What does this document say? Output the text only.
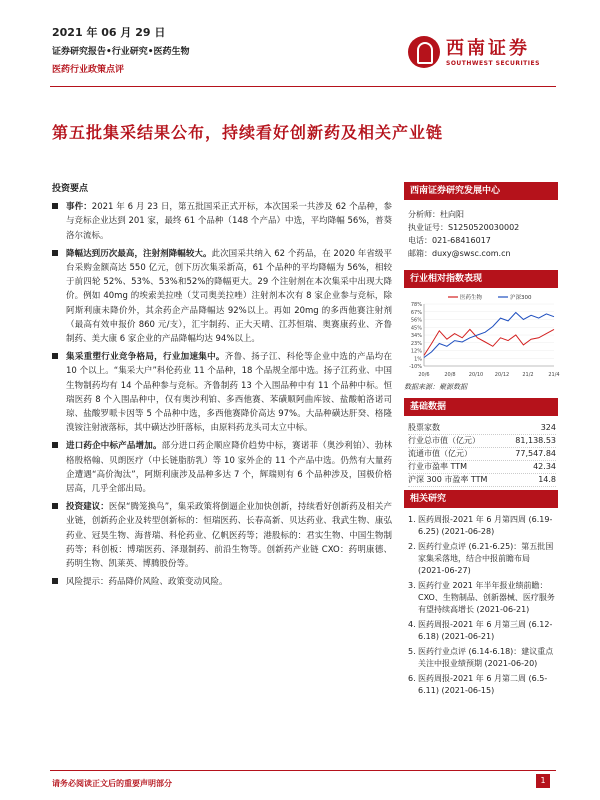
2021 年 06 月 29 日
证券研究报告•行业研究•医药生物
医药行业政策点评
西南证券
SOUTHWEST SECURITIES
第五批集采结果公布，持续看好创新药及相关产业链
投资要点
事件：2021 年 6 月 23 日，第五批国采正式开标，本次国采一共涉及 62 个品种，参与竞标企业达到 201 家，最终 61 个品种（148 个产品）中选，平均降幅 56%，普葵洛尔流标。
降幅达到历次最高，注射剂降幅较大。此次国采共纳入 62 个药品，在 2020 年省级平台采购金额高达 550 亿元，创下历次集采新高，61 个品种的平均降幅为 56%，相较于前四轮 52%、53%、53%和52%的降幅更大。29 个注射剂在本次集采中出现大降价。例如 40mg 的埃索美拉唑（艾司奥美拉唑）注射剂本次有 8 家企业参与竞标，除阿斯利康未降价外，其余药企产品降幅达 92%以上。再如 20mg 的多西他赛注射剂（最高有效申报价 860 元/支），汇宇制药、正大天晴、江苏恒瑞、奥赛康药业、齐鲁制药、美大康 6 家企业的产品降幅均达 94%以上。
集采重塑行业竞争格局，行业加速集中。齐鲁、扬子江、科伦等企业中选的产品均在 10 个以上。“集采大户”科伦药业 11 个品种，18 个品规全部中选。扬子江药业、中国生物制药均有 14 个品种参与竞标。齐鲁制药 13 个入围品种中有 11 个品种中标。恒瑞医药 8 个入围品种中，仅有奥沙利铂、多西他赛、苯磺顺阿曲库铵、盐酸帕洛诺司琼、盐酸罗哌卡因等 5 个品种中选，多西他赛降价高达 97%。大品种磺达肝癸、格隆溴铵注射液落标，其中磺达沙肝落标，由原料药龙头司太立中标。
进口药企中标产品增加。部分进口药企顺应降价趋势中标，赛诺菲（奥沙利铂）、勃林格殷格翰、贝朗医疗（中长链脂肪乳）等 10 家外企的 11 个产品中选。仍然有大量药企遭遇“高价淘汰”，阿斯利康涉及品种多达 7 个，辉瑞则有 6 个品种涉及，国极价格居高，几乎全部出局。
投资建议：医保“腾笼换鸟”，集采政策将倒逼企业加快创新，持续看好创新药及相关产业链，创新药企业及转型创新标的：恒瑞医药、长春高新、贝达药业、我武生物、康弘药业、冠昊生物、海普瑞、科伦药业、亿帆医药等；港股标的：君实生物、中国生物制药等；科创板：博瑞医药、泽璟制药、前沿生物等。创新药产业链 CXO：药明康德、药明生物、凯莱英、博腾股份等。
风险提示：药品降价风险、政策变动风险。
西南证券研究发展中心
分析师：杜向阳
执业证号：S1250520030002
电话：021-68416017
邮箱：duxy@swsc.com.cn
行业相对指数表现
-10%
1%
12%
23%
34%
45%
56%
67%
78%
20/6	20/8	20/10 20/12	21/2	21/4
医药生物	沪深300
数据来源：聚源数据
基础数据
股票家数	324
行业总市值（亿元）	81,138.53
流通市值（亿元）	77,547.84
行业市盈率 TTM	42.34
沪深 300 市盈率 TTM	14.8
相关研究
1. 医药周报-2021 年 6 月第四周 (6.19-6.25) (2021-06-28)
2. 医药行业点评 (6.21-6.25)：第五批国家集采落地，结合中报前瞻布局 (2021-06-27)
3. 医药行业 2021 年半年报业绩前瞻：CXO、生物制品、创新器械、医疗服务有望持续高增长 (2021-06-21)
4. 医药周报-2021 年 6 月第三周 (6.12-6.18) (2021-06-21)
5. 医药行业点评 (6.14-6.18)：建议重点关注中报业绩预期 (2021-06-20)
6. 医药周报-2021 年 6 月第二周 (6.5-6.11) (2021-06-15)
请务必阅读正文后的重要声明部分	1
